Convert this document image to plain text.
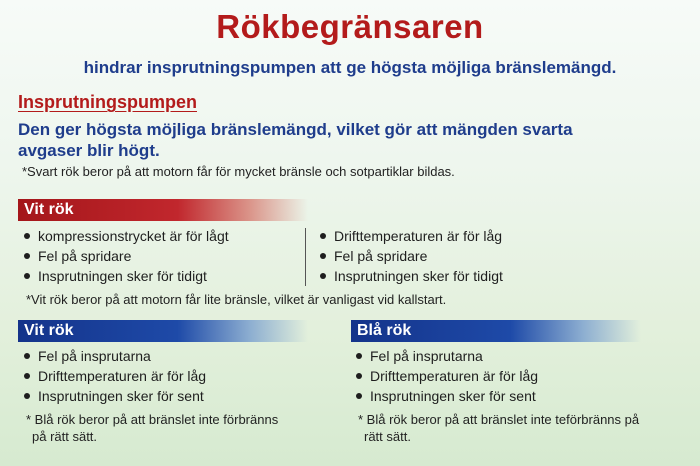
Rökbegränsaren
hindrar insprutningspumpen att ge högsta möjliga bränslemängd.
Insprutningspumpen
Den ger högsta möjliga bränslemängd, vilket gör att mängden svarta
avgaser blir högt.
*Svart rök beror på att motorn får för mycket bränsle och sotpartiklar bildas.
Vit rök
kompressionstrycket är för lågt
Fel på spridare
Insprutningen sker för tidigt
Drifttemperaturen är för låg
Fel på spridare
Insprutningen sker för tidigt
*Vit rök beror på att motorn får lite bränsle, vilket är vanligast vid kallstart.
Vit rök	Blå rök
Fel på insprutarna
Drifttemperaturen är för låg
Insprutningen sker för sent
Fel på insprutarna
Drifttemperaturen är för låg
Insprutningen sker för sent
* Blå rök beror på att bränslet inte förbränns
på rätt sätt.
* Blå rök beror på att bränslet inte teförbränns på
rätt sätt.
